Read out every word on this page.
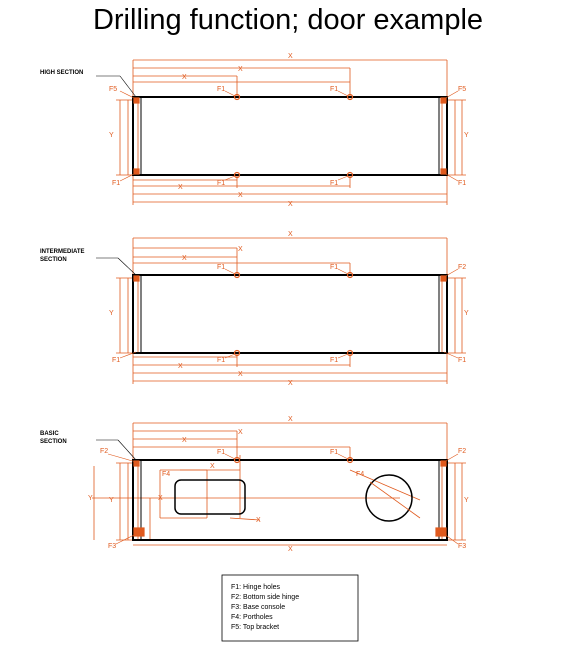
Drilling function; door example
HIGH SECTION
X
X
X
X
X
X
Y	Y
F5	F5
F1	F1
F1	F1	F1	F1
INTERMEDIATE
SECTION
X
X
X
X
X
X
Y	Y
F2
F1	F1
F1	F1	F1	F1
BASIC
SECTION
X
X
X
X
X
X
X
Y Y	Y
F2	F2
F1	F1
F4	F4
F3	F3
F1: Hinge holes
F2: Bottom side hinge
F3: Base console
F4: Portholes
F5: Top bracket
